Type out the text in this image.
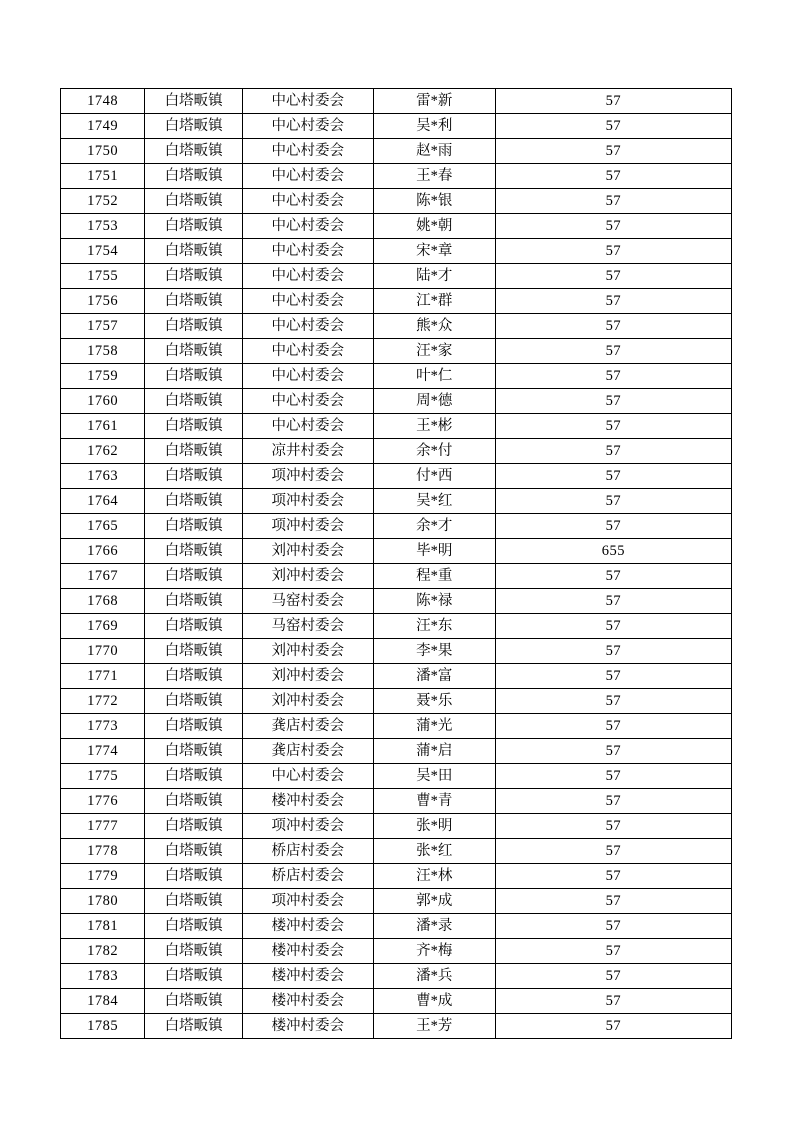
1748	白塔畈镇	中心村委会	雷*新	57
1749	白塔畈镇	中心村委会	吴*利	57
1750	白塔畈镇	中心村委会	赵*雨	57
1751	白塔畈镇	中心村委会	王*春	57
1752	白塔畈镇	中心村委会	陈*银	57
1753	白塔畈镇	中心村委会	姚*朝	57
1754	白塔畈镇	中心村委会	宋*章	57
1755	白塔畈镇	中心村委会	陆*才	57
1756	白塔畈镇	中心村委会	江*群	57
1757	白塔畈镇	中心村委会	熊*众	57
1758	白塔畈镇	中心村委会	汪*家	57
1759	白塔畈镇	中心村委会	叶*仁	57
1760	白塔畈镇	中心村委会	周*德	57
1761	白塔畈镇	中心村委会	王*彬	57
1762	白塔畈镇	凉井村委会	余*付	57
1763	白塔畈镇	项冲村委会	付*西	57
1764	白塔畈镇	项冲村委会	吴*红	57
1765	白塔畈镇	项冲村委会	余*才	57
1766	白塔畈镇	刘冲村委会	毕*明	655
1767	白塔畈镇	刘冲村委会	程*重	57
1768	白塔畈镇	马窑村委会	陈*禄	57
1769	白塔畈镇	马窑村委会	汪*东	57
1770	白塔畈镇	刘冲村委会	李*果	57
1771	白塔畈镇	刘冲村委会	潘*富	57
1772	白塔畈镇	刘冲村委会	聂*乐	57
1773	白塔畈镇	龚店村委会	蒲*光	57
1774	白塔畈镇	龚店村委会	蒲*启	57
1775	白塔畈镇	中心村委会	吴*田	57
1776	白塔畈镇	楼冲村委会	曹*青	57
1777	白塔畈镇	项冲村委会	张*明	57
1778	白塔畈镇	桥店村委会	张*红	57
1779	白塔畈镇	桥店村委会	汪*林	57
1780	白塔畈镇	项冲村委会	郭*成	57
1781	白塔畈镇	楼冲村委会	潘*录	57
1782	白塔畈镇	楼冲村委会	齐*梅	57
1783	白塔畈镇	楼冲村委会	潘*兵	57
1784	白塔畈镇	楼冲村委会	曹*成	57
1785	白塔畈镇	楼冲村委会	王*芳	57
